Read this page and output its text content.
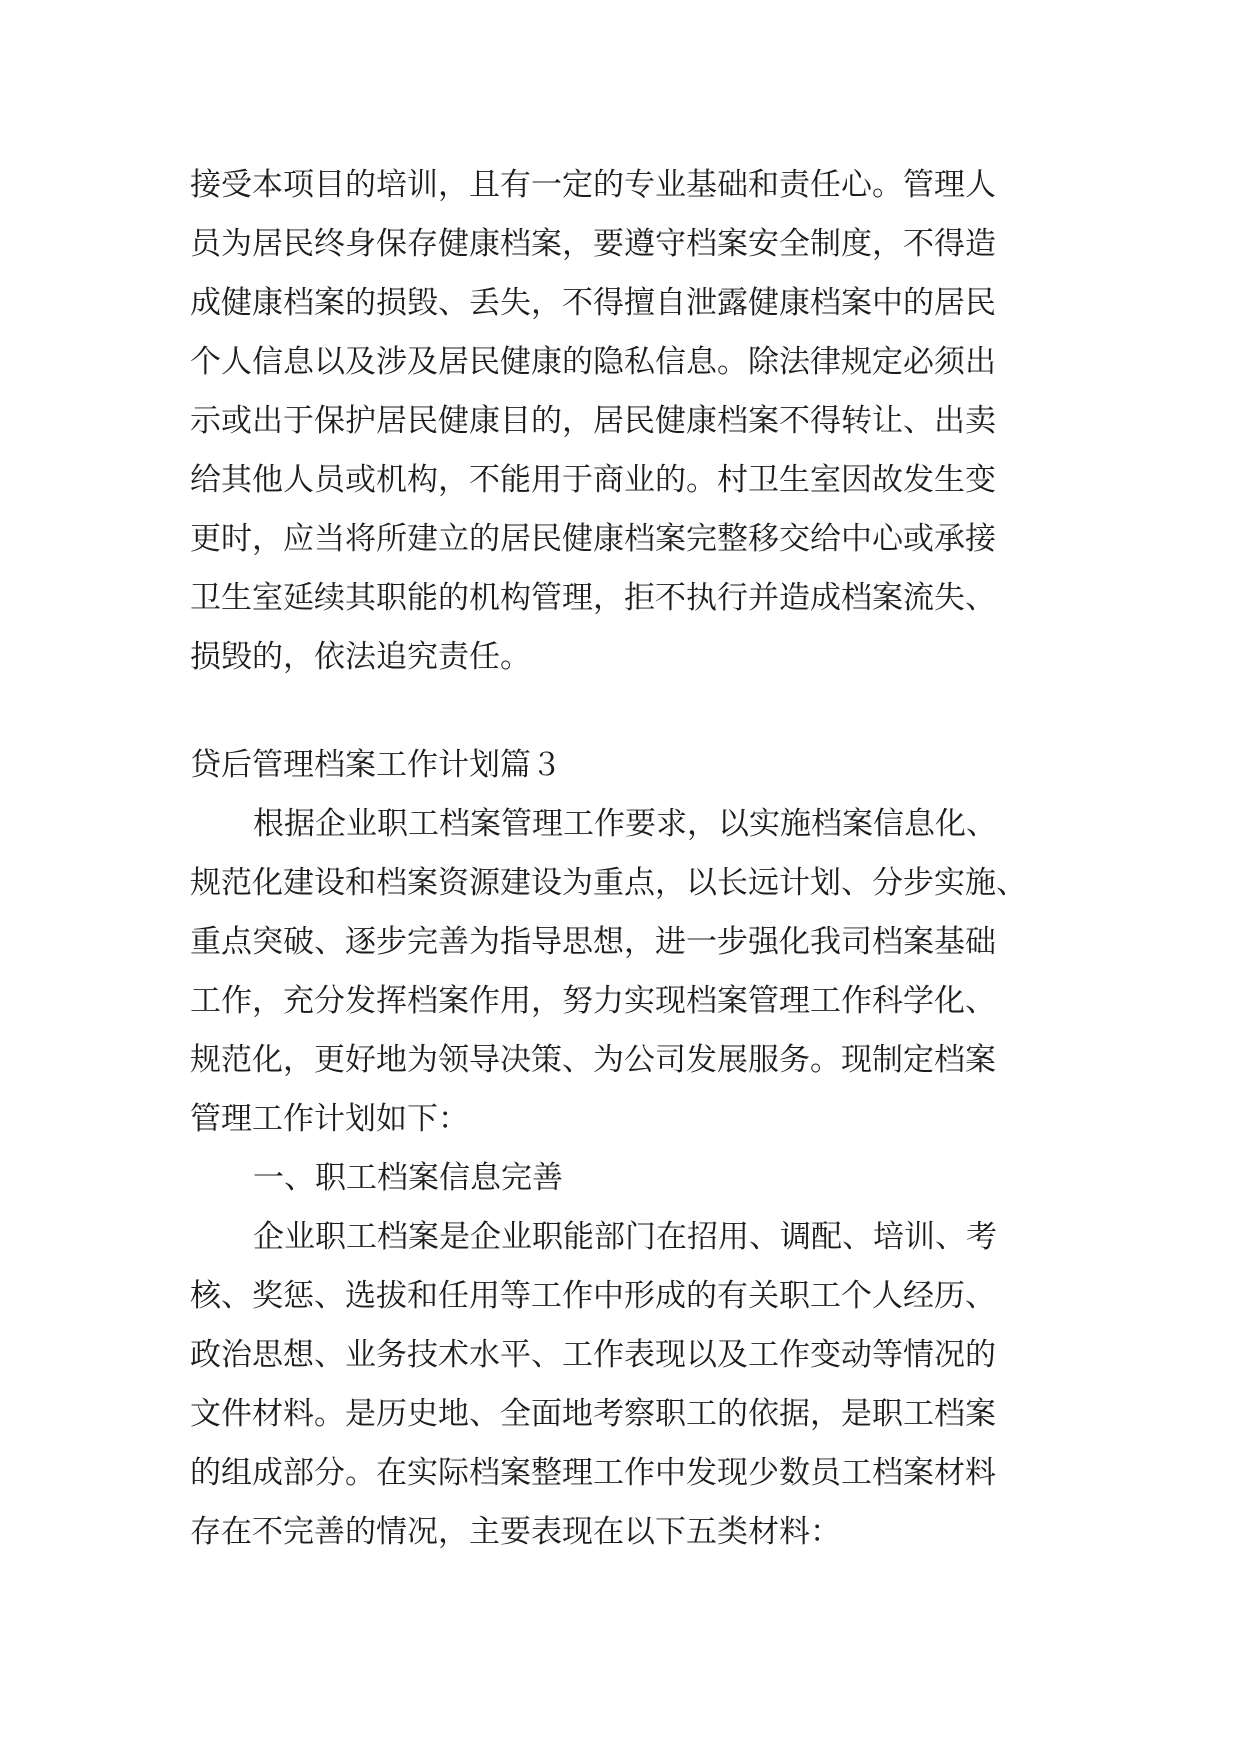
接受本项目的培训，且有一定的专业基础和责任心。管理人
员为居民终身保存健康档案，要遵守档案安全制度，不得造
成健康档案的损毁、丢失，不得擅自泄露健康档案中的居民
个人信息以及涉及居民健康的隐私信息。除法律规定必须出
示或出于保护居民健康目的，居民健康档案不得转让、出卖
给其他人员或机构，不能用于商业的。村卫生室因故发生变
更时，应当将所建立的居民健康档案完整移交给中心或承接
卫生室延续其职能的机构管理，拒不执行并造成档案流失、
损毁的，依法追究责任。
贷后管理档案工作计划篇３
根据企业职工档案管理工作要求，以实施档案信息化、
规范化建设和档案资源建设为重点，以长远计划、分步实施、
重点突破、逐步完善为指导思想，进一步强化我司档案基础
工作，充分发挥档案作用，努力实现档案管理工作科学化、
规范化，更好地为领导决策、为公司发展服务。现制定档案
管理工作计划如下：
一、职工档案信息完善
企业职工档案是企业职能部门在招用、调配、培训、考
核、奖惩、选拔和任用等工作中形成的有关职工个人经历、
政治思想、业务技术水平、工作表现以及工作变动等情况的
文件材料。是历史地、全面地考察职工的依据，是职工档案
的组成部分。在实际档案整理工作中发现少数员工档案材料
存在不完善的情况，主要表现在以下五类材料：
